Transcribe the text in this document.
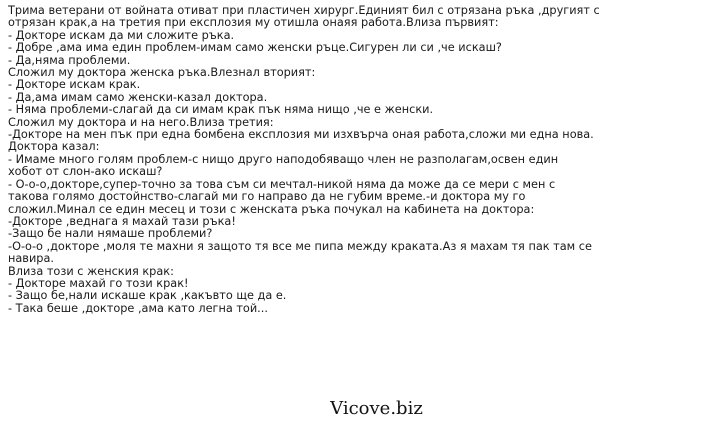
Трима ветерани от войната отиват при пластичен хирург.Единият бил с отрязана ръка ,другият с
отрязан крак,а на третия при експлозия му отишла онаяя работа.Влиза първият:
- Докторе искам да ми сложите ръка.
- Добре ,ама има един проблем-имам само женски ръце.Сигурен ли си ,че искаш?
- Да,няма проблеми.
Сложил му доктора женска ръка.Влезнал вторият:
- Докторе искам крак.
- Да,ама имам само женски-казал доктора.
- Няма проблеми-слагай да си имам крак пък няма нищо ,че е женски.
Сложил му доктора и на него.Влиза третия:
-Докторе на мен пък при една бомбена експлозия ми изхвърча оная работа,сложи ми една нова.
Доктора казал:
- Имаме много голям проблем-с нищо друго наподобяващо член не разполагам,освен един
хобот от слон-ако искаш?
- О-о-о,докторе,супер-точно за това съм си мечтал-никой няма да може да се мери с мен с
такова голямо достойнство-слагай ми го направо да не губим време.-и доктора му го
сложил.Минал се един месец и този с женската ръка почукал на кабинета на доктора:
-Докторе ,веднага я махай тази ръка!
-Защо бе нали нямаше проблеми?
-О-о-о ,докторе ,моля те махни я защото тя все ме пипа между краката.Аз я махам тя пак там се
навира.
Влиза този с женския крак:
- Докторе махай го този крак!
- Защо бе,нали искаше крак ,какъвто ще да е.
- Така беше ,докторе ,ама като легна той...
Vicove.biz
